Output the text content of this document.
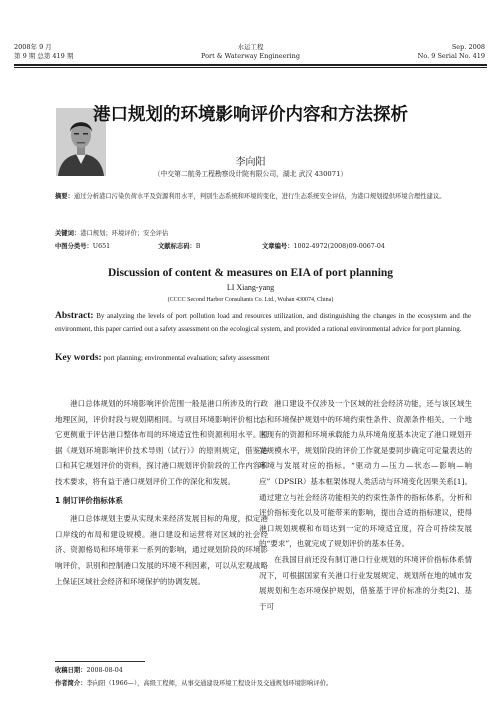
2008年 9 月
第 9 期 总第 419 期
水运工程
Port & Waterway Engineering
Sep. 2008
No. 9 Serial No. 419
港口规划的环境影响评价内容和方法探析
李向阳
（中交第二航务工程勘察设计院有限公司，湖北 武汉 430071）
摘要：通过分析港口污染负荷水平及资源利用水平，判别生态系统和环境的变化，进行生态系统安全评估，为港口规划提供环境合理性建议。
关键词：港口规划；环境评价；安全评估
中图分类号：U651	文献标志码：B	文章编号：1002-4972(2008)09-0067-04
Discussion of content & measures on EIA of port planning
LI Xiang-yang
(CCCC Second Harbor Consultants Co. Ltd., Wuhan 430074, China)
Abstract: By analyzing the levels of port pollution load and resources utilization, and distinguishing the changes in the ecosystem and the environment, this paper carried out a safety assessment on the ecological system, and provided a rational environmental advice for port planning.
Key words: port planning; environmental evaluation; safety assessment

港口总体规划的环境影响评价范围一般是港口所涉及的行政地理区间，评价时段与规划期相同。与项目环境影响评价相比，它更侧重于评估港口整体布局的环境适宜性和资源利用水平。根据《规划环境影响评价技术导则（试行）》的原则规定，借鉴港口和其它规划评价的资料，探讨港口规划评价阶段的工作内容和技术要求，将有益于港口规划评价工作的深化和发展。

1 制订评价指标体系

港口总体规划主要从实现未来经济发展目标的角度，拟定港口岸线的布局和建设规模。港口建设和运营将对区域的社会经济、资源格局和环境带来一系列的影响，通过规划阶段的环境影响评价，识别和控制港口发展的环境不利因素，可以从宏观战略上保证区域社会经济和环境保护的协调发展。

港口建设不仅涉及一个区域的社会经济功能，还与该区域生态和环境保护规划中的环境约束性条件、资源条件相关。一个地区现有的资源和环境承载能力从环境角度基本决定了港口规划开发规模水平，规划阶段的评价工作就是要同步确定可定量表达的环境与发展对应的指标。“驱动力—压力—状态—影响—响应”（DPSIR）基本框架体现人类活动与环境变化因果关系[1]。通过建立与社会经济功能相关的约束性条件的指标体系，分析和评价指标变化以及可能带来的影响，提出合适的指标建议，使得港口规划规模和布局达到一定的环境适宜度，符合可持续发展的“要求”，也就完成了规划评价的基本任务。

在我国目前还没有制订港口行业规划的环境评价指标体系情况下，可根据国家有关港口行业发展规定、规划所在地的城市发展规划和生态环境保护规划，借鉴基于评价标准的分类[2]、基于可

收稿日期：2008-08-04
作者简介：李向阳（1966—），高级工程师，从事交通建设环境工程设计及交通规划环境影响评价。
